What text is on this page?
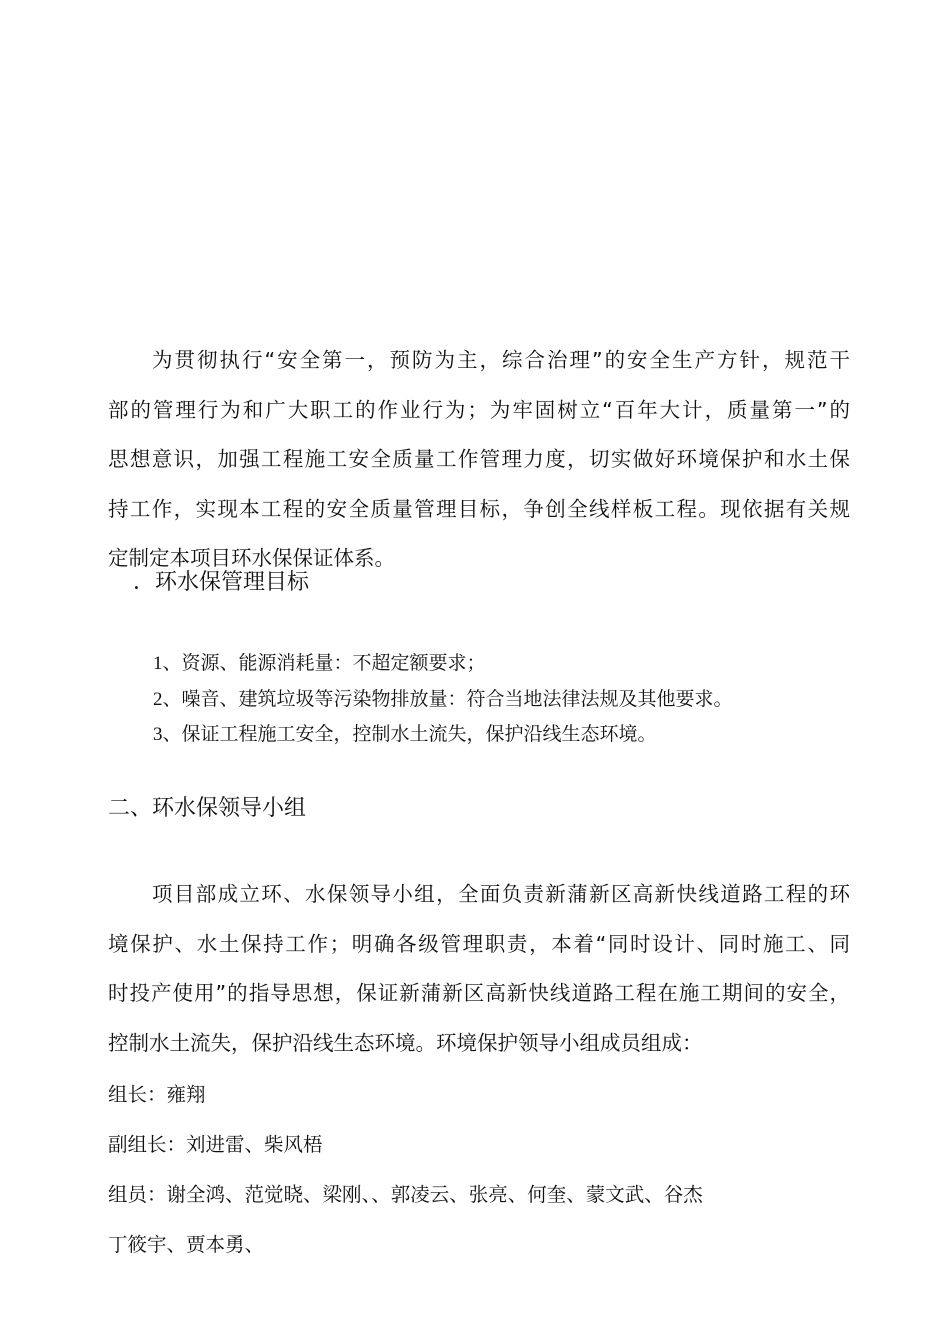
为贯彻执行“安全第一，预防为主，综合治理”的安全生产方针，规范干

部的管理行为和广大职工的作业行为；为牢固树立“百年大计，质量第一”的

思想意识，加强工程施工安全质量工作管理力度，切实做好环境保护和水土保

持工作，实现本工程的安全质量管理目标，争创全线样板工程。现依据有关规

定制定本项目环水保保证体系。

．环水保管理目标
1、资源、能源消耗量：不超定额要求；
2、噪音、建筑垃圾等污染物排放量：符合当地法律法规及其他要求。
3、保证工程施工安全，控制水土流失，保护沿线生态环境。
二、环水保领导小组

项目部成立环、水保领导小组，全面负责新蒲新区高新快线道路工程的环

境保护、水土保持工作；明确各级管理职责，本着“同时设计、同时施工、同

时投产使用”的指导思想，保证新蒲新区高新快线道路工程在施工期间的安全，

控制水土流失，保护沿线生态环境。环境保护领导小组成员组成：

组长：雍翔
副组长：刘进雷、柴风梧
组员：谢全鸿、范觉晓、梁刚、、郭凌云、张亮、何奎、蒙文武、谷杰
丁筱宇、贾本勇、
